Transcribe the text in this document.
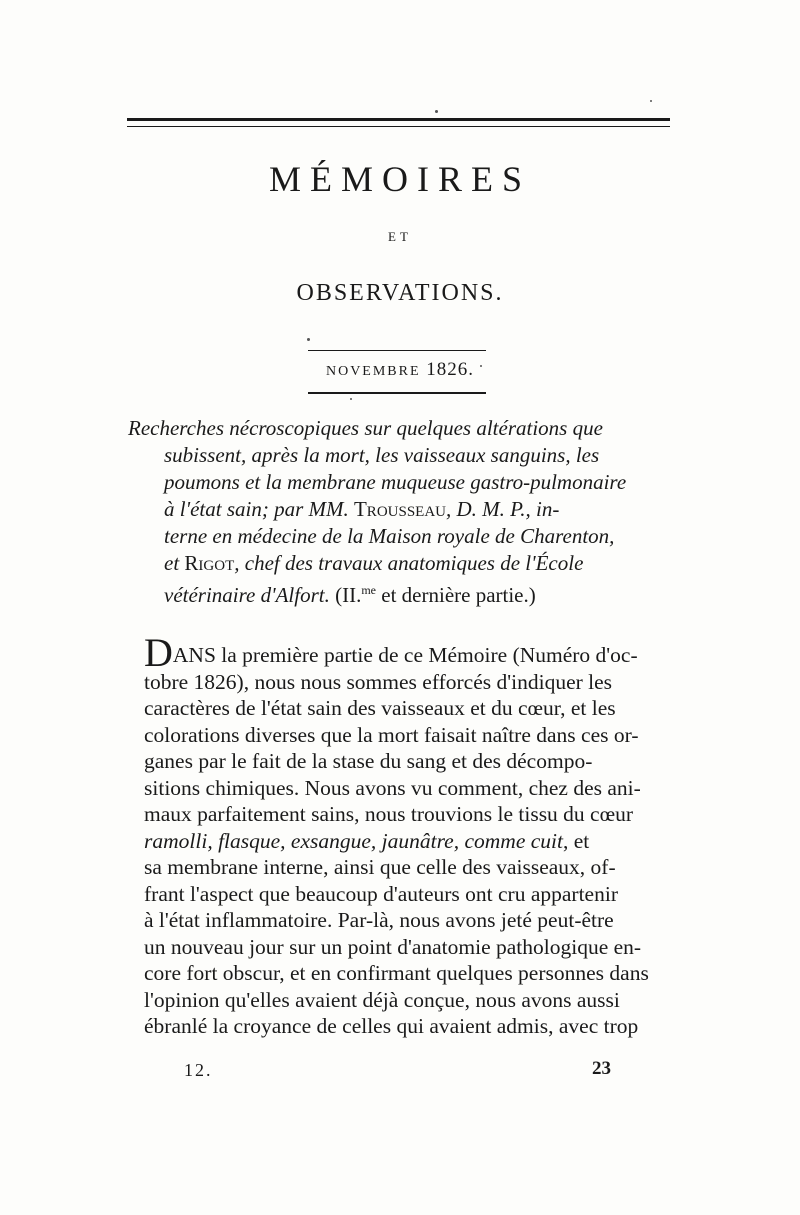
MÉMOIRES
ET
OBSERVATIONS.
NOVEMBRE 1826.
Recherches nécroscopiques sur quelques altérations que
subissent, après la mort, les vaisseaux sanguins, les
poumons et la membrane muqueuse gastro-pulmonaire
à l'état sain; par MM. Trousseau, D. M. P., in-
terne en médecine de la Maison royale de Charenton,
et Rigot, chef des travaux anatomiques de l'École
vétérinaire d'Alfort. (II.$^{me}$ et dernière partie.)
DANS la première partie de ce Mémoire (Numéro d'oc-
tobre 1826), nous nous sommes efforcés d'indiquer les
caractères de l'état sain des vaisseaux et du cœur, et les
colorations diverses que la mort faisait naître dans ces or-
ganes par le fait de la stase du sang et des décompo-
sitions chimiques. Nous avons vu comment, chez des ani-
maux parfaitement sains, nous trouvions le tissu du cœur
ramolli, flasque, exsangue, jaunâtre, comme cuit, et
sa membrane interne, ainsi que celle des vaisseaux, of-
frant l'aspect que beaucoup d'auteurs ont cru appartenir
à l'état inflammatoire. Par-là, nous avons jeté peut-être
un nouveau jour sur un point d'anatomie pathologique en-
core fort obscur, et en confirmant quelques personnes dans
l'opinion qu'elles avaient déjà conçue, nous avons aussi
ébranlé la croyance de celles qui avaient admis, avec trop
12.	23
